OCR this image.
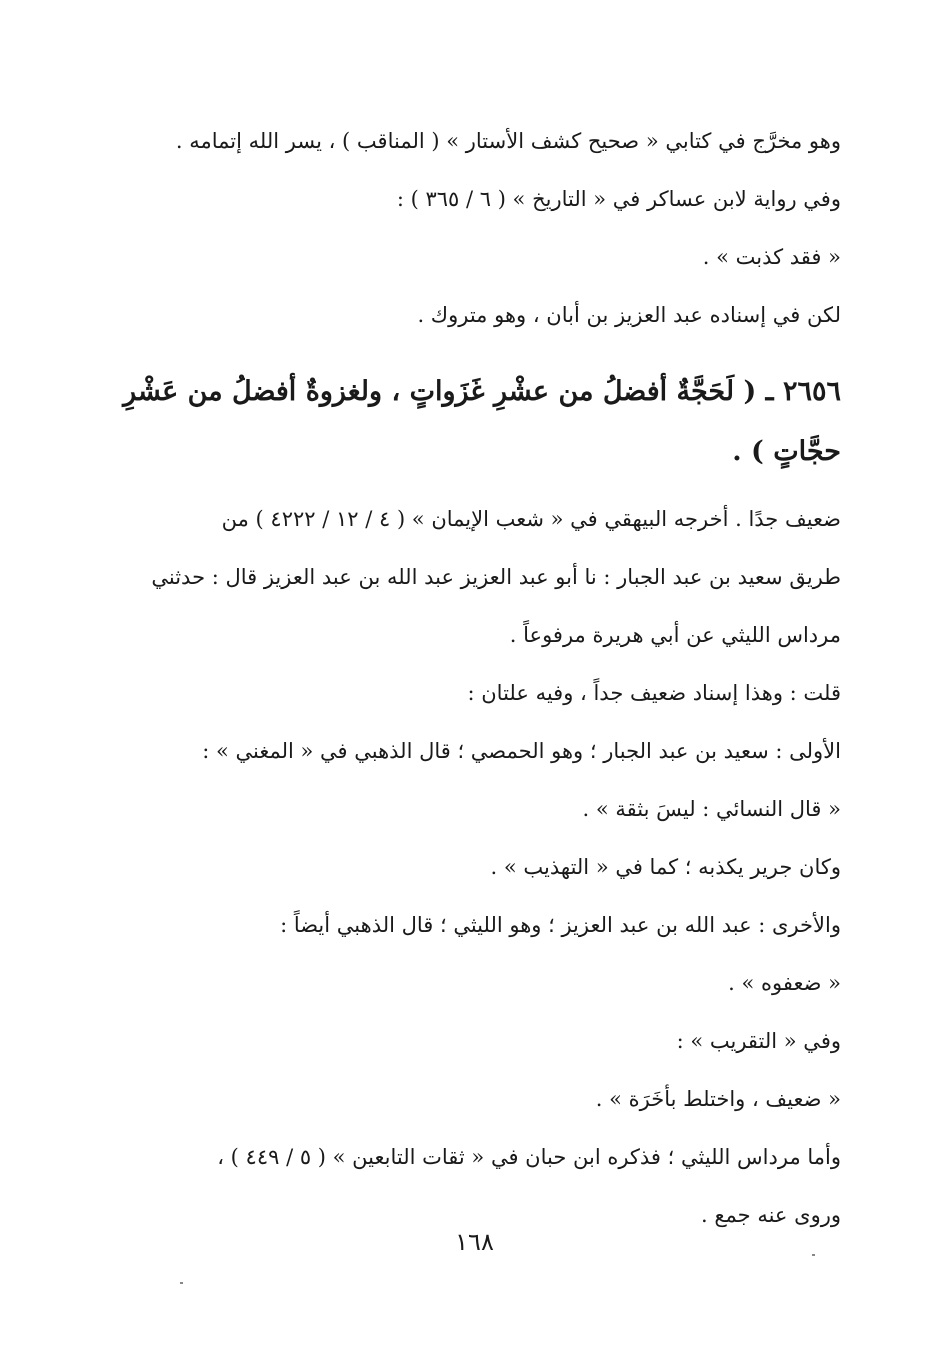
وهو مخرَّج في كتابي « صحيح كشف الأستار » ( المناقب ) ، يسر الله إتمامه .
وفي رواية لابن عساكر في « التاريخ » ( ٦ / ٣٦٥ ) :
« فقد كذبت » .
لكن في إسناده عبد العزيز بن أبان ، وهو متروك .
٢٦٥٦ ـ ( لَحَجَّةٌ أفضلُ من عشْرِ غَزَواتٍ ، ولغزوةٌ أفضلُ من عَشْرِ
حجَّاتٍ ) .
ضعيف جدًا . أخرجه البيهقي في « شعب الإيمان » ( ٤ / ١٢ / ٤٢٢٢ ) من
طريق سعيد بن عبد الجبار : نا أبو عبد العزيز عبد الله بن عبد العزيز قال : حدثني
مرداس الليثي عن أبي هريرة مرفوعاً .
قلت : وهذا إسناد ضعيف جداً ، وفيه علتان :
الأولى : سعيد بن عبد الجبار ؛ وهو الحمصي ؛ قال الذهبي في « المغني » :
« قال النسائي : ليسَ بثقة » .
وكان جرير يكذبه ؛ كما في « التهذيب » .
والأخرى : عبد الله بن عبد العزيز ؛ وهو الليثي ؛ قال الذهبي أيضاً :
« ضعفوه » .
وفي « التقريب » :
« ضعيف ، واختلط بأخَرَة » .
وأما مرداس الليثي ؛ فذكره ابن حبان في « ثقات التابعين » ( ٥ / ٤٤٩ ) ،
وروى عنه جمع .
١٦٨
